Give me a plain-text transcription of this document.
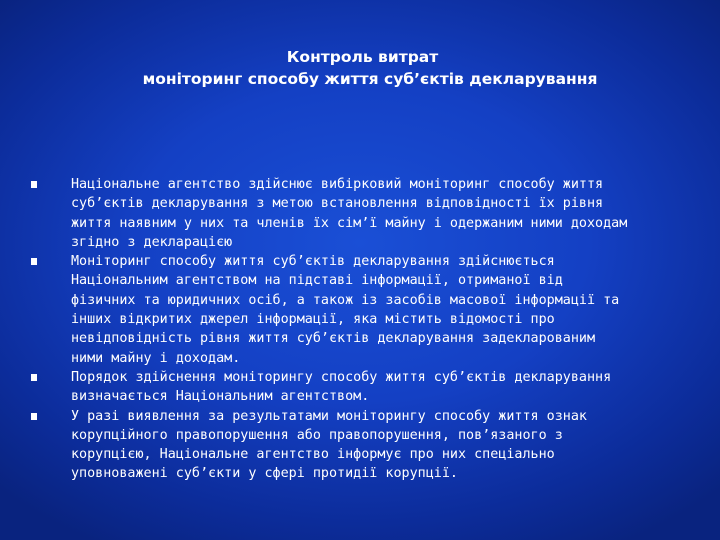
Контроль витрат
моніторинг способу життя суб’єктів декларування
Національне агентство здійснює вибірковий моніторинг способу життя
суб’єктів декларування з метою встановлення відповідності їх рівня
життя наявним у них та членів їх сім’ї майну і одержаним ними доходам
згідно з декларацією
Моніторинг способу життя суб’єктів декларування здійснюється
Національним агентством на підставі інформації, отриманої від
фізичних та юридичних осіб, а також із засобів масової інформації та
інших відкритих джерел інформації, яка містить відомості про
невідповідність рівня життя суб’єктів декларування задекларованим
ними майну і доходам.
Порядок здійснення моніторингу способу життя суб’єктів декларування
визначається Національним агентством.
У разі виявлення за результатами моніторингу способу життя ознак
корупційного правопорушення або правопорушення, пов’язаного з
корупцією, Національне агентство інформує про них спеціально
уповноважені суб’єкти у сфері протидії корупції.
